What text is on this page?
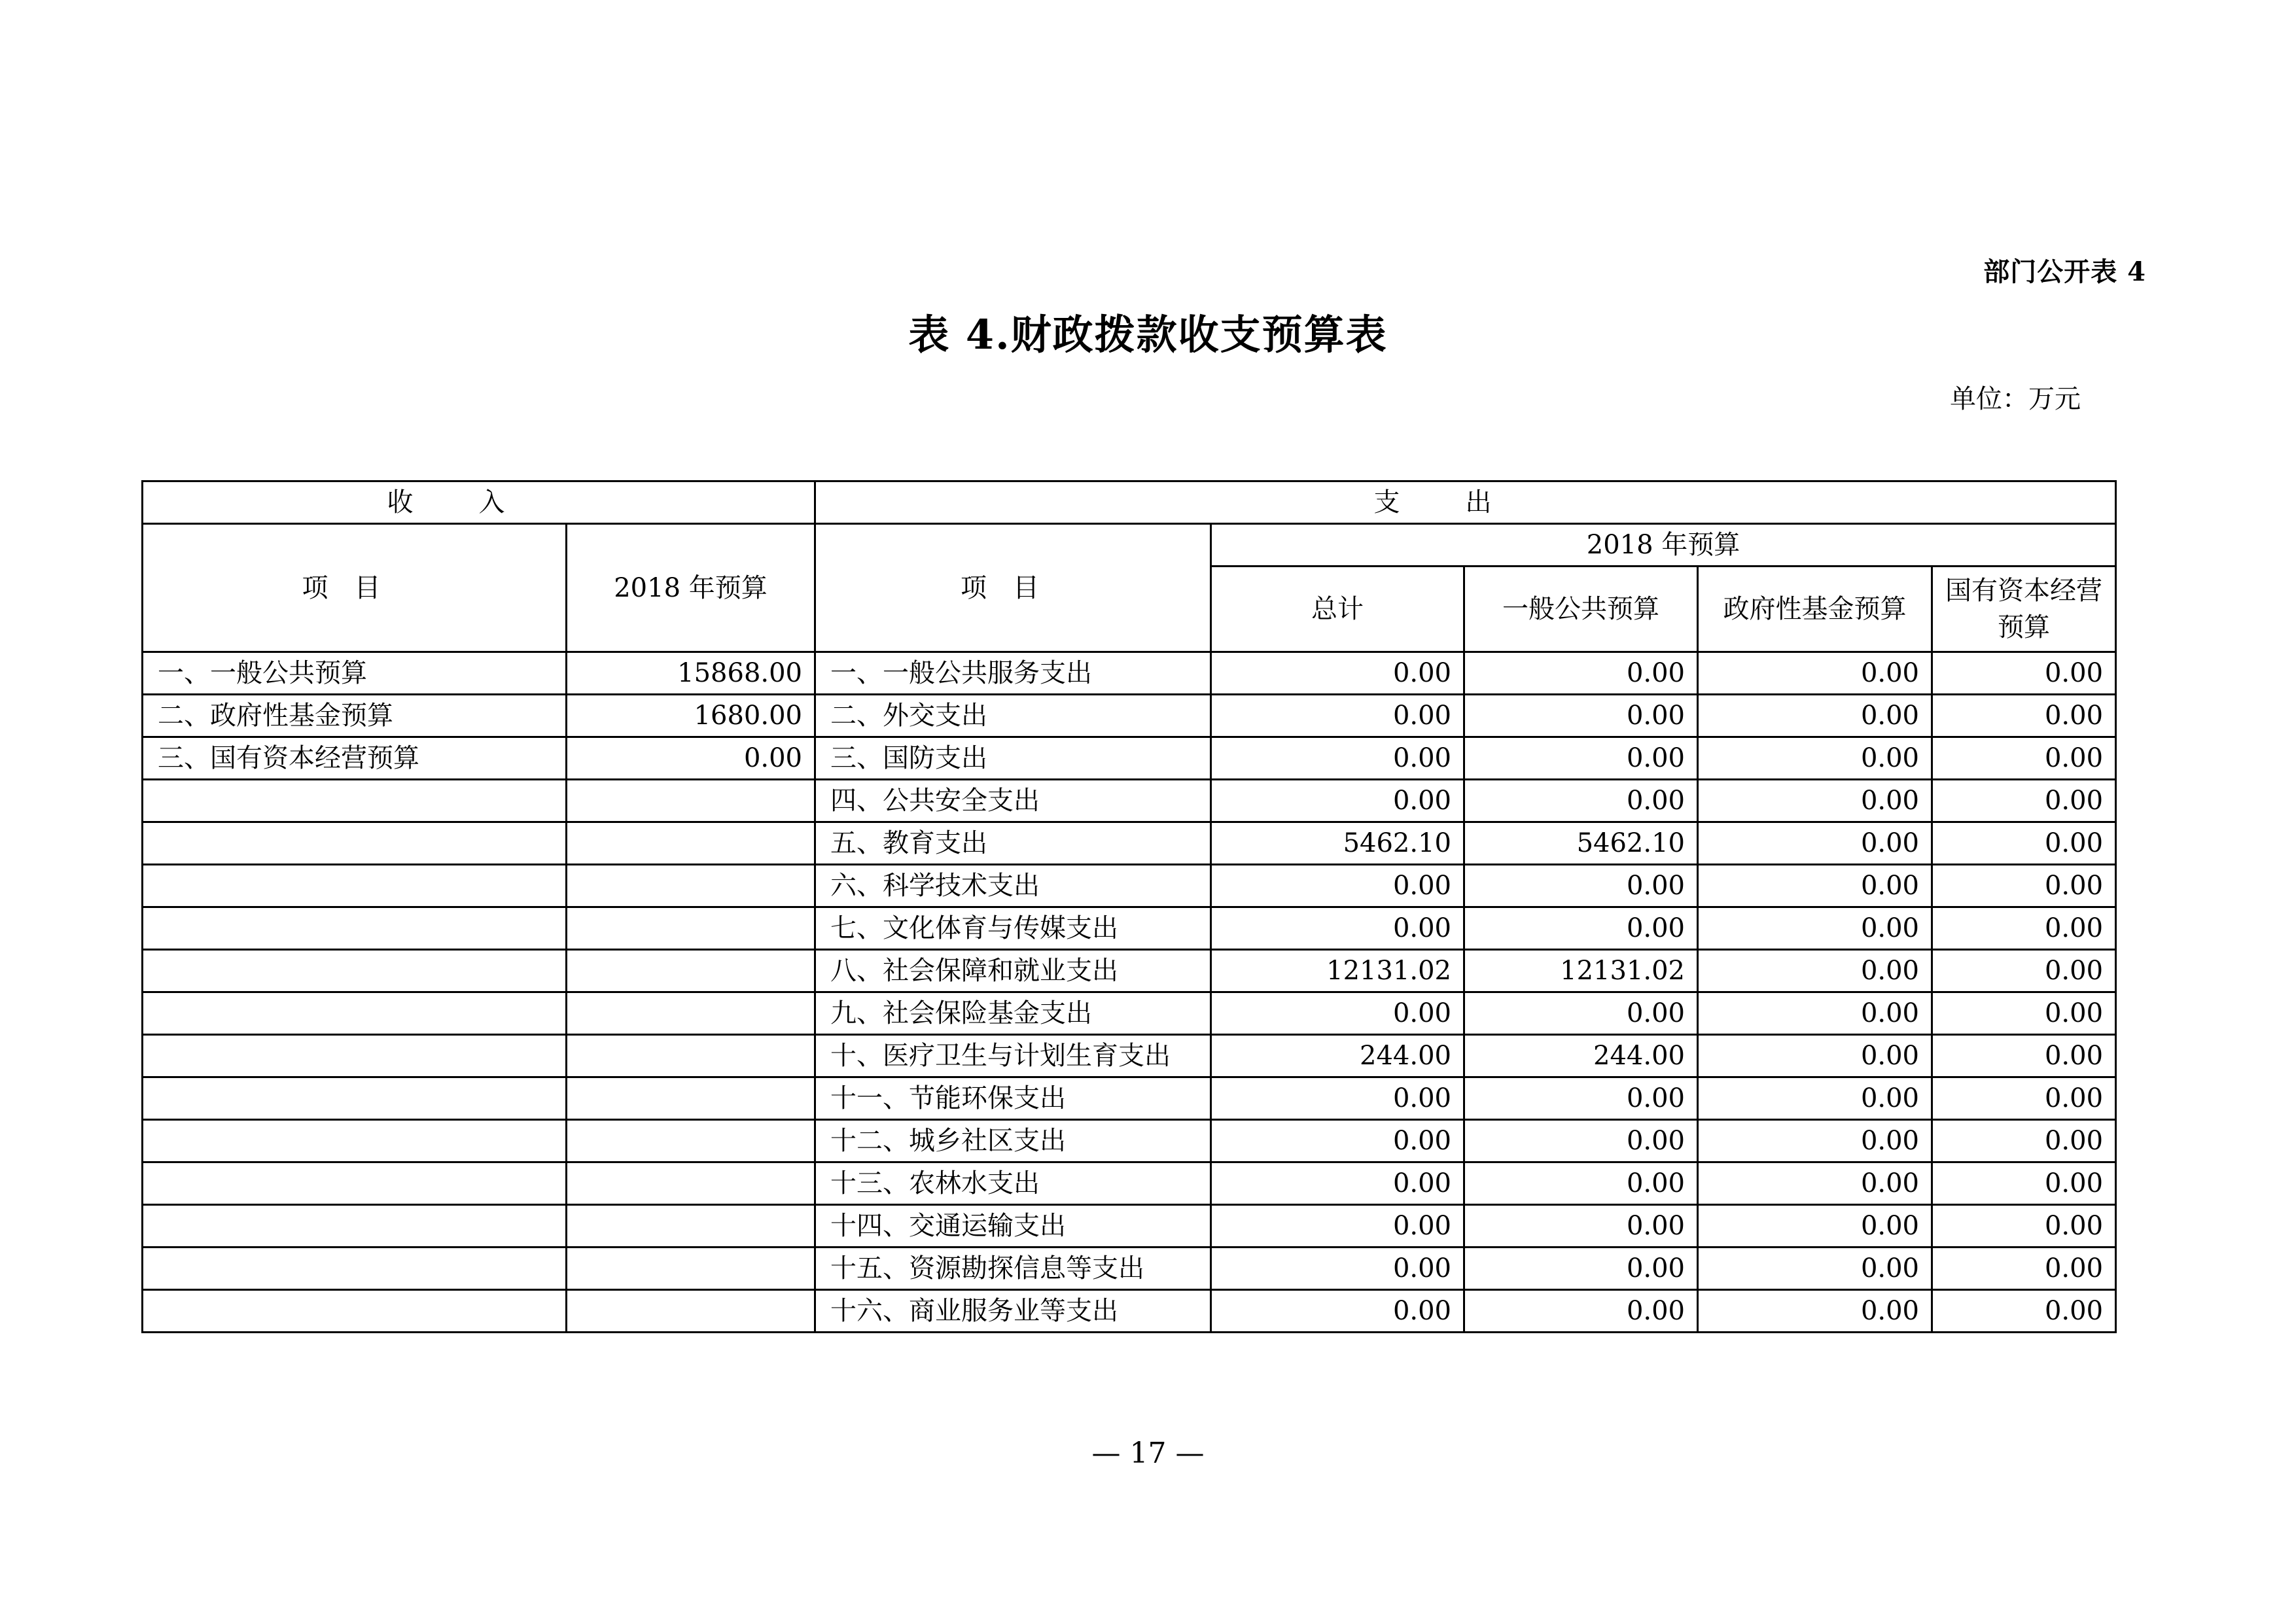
部门公开表 4
表 4.财政拨款收支预算表
单位：万元
收入		支出				
项目	2018 年预算	项目	2018 年预算			
			总计	一般公共预算	政府性基金预算	国有资本经营预算
一、一般公共预算	15868.00	一、一般公共服务支出	0.00	0.00	0.00	0.00
二、政府性基金预算	1680.00	二、外交支出	0.00	0.00	0.00	0.00
三、国有资本经营预算	0.00	三、国防支出	0.00	0.00	0.00	0.00
		四、公共安全支出	0.00	0.00	0.00	0.00
		五、教育支出	5462.10	5462.10	0.00	0.00
		六、科学技术支出	0.00	0.00	0.00	0.00
		七、文化体育与传媒支出	0.00	0.00	0.00	0.00
		八、社会保障和就业支出	12131.02	12131.02	0.00	0.00
		九、社会保险基金支出	0.00	0.00	0.00	0.00
		十、医疗卫生与计划生育支出	244.00	244.00	0.00	0.00
		十一、节能环保支出	0.00	0.00	0.00	0.00
		十二、城乡社区支出	0.00	0.00	0.00	0.00
		十三、农林水支出	0.00	0.00	0.00	0.00
		十四、交通运输支出	0.00	0.00	0.00	0.00
		十五、资源勘探信息等支出	0.00	0.00	0.00	0.00
		十六、商业服务业等支出	0.00	0.00	0.00	0.00
— 17 —
